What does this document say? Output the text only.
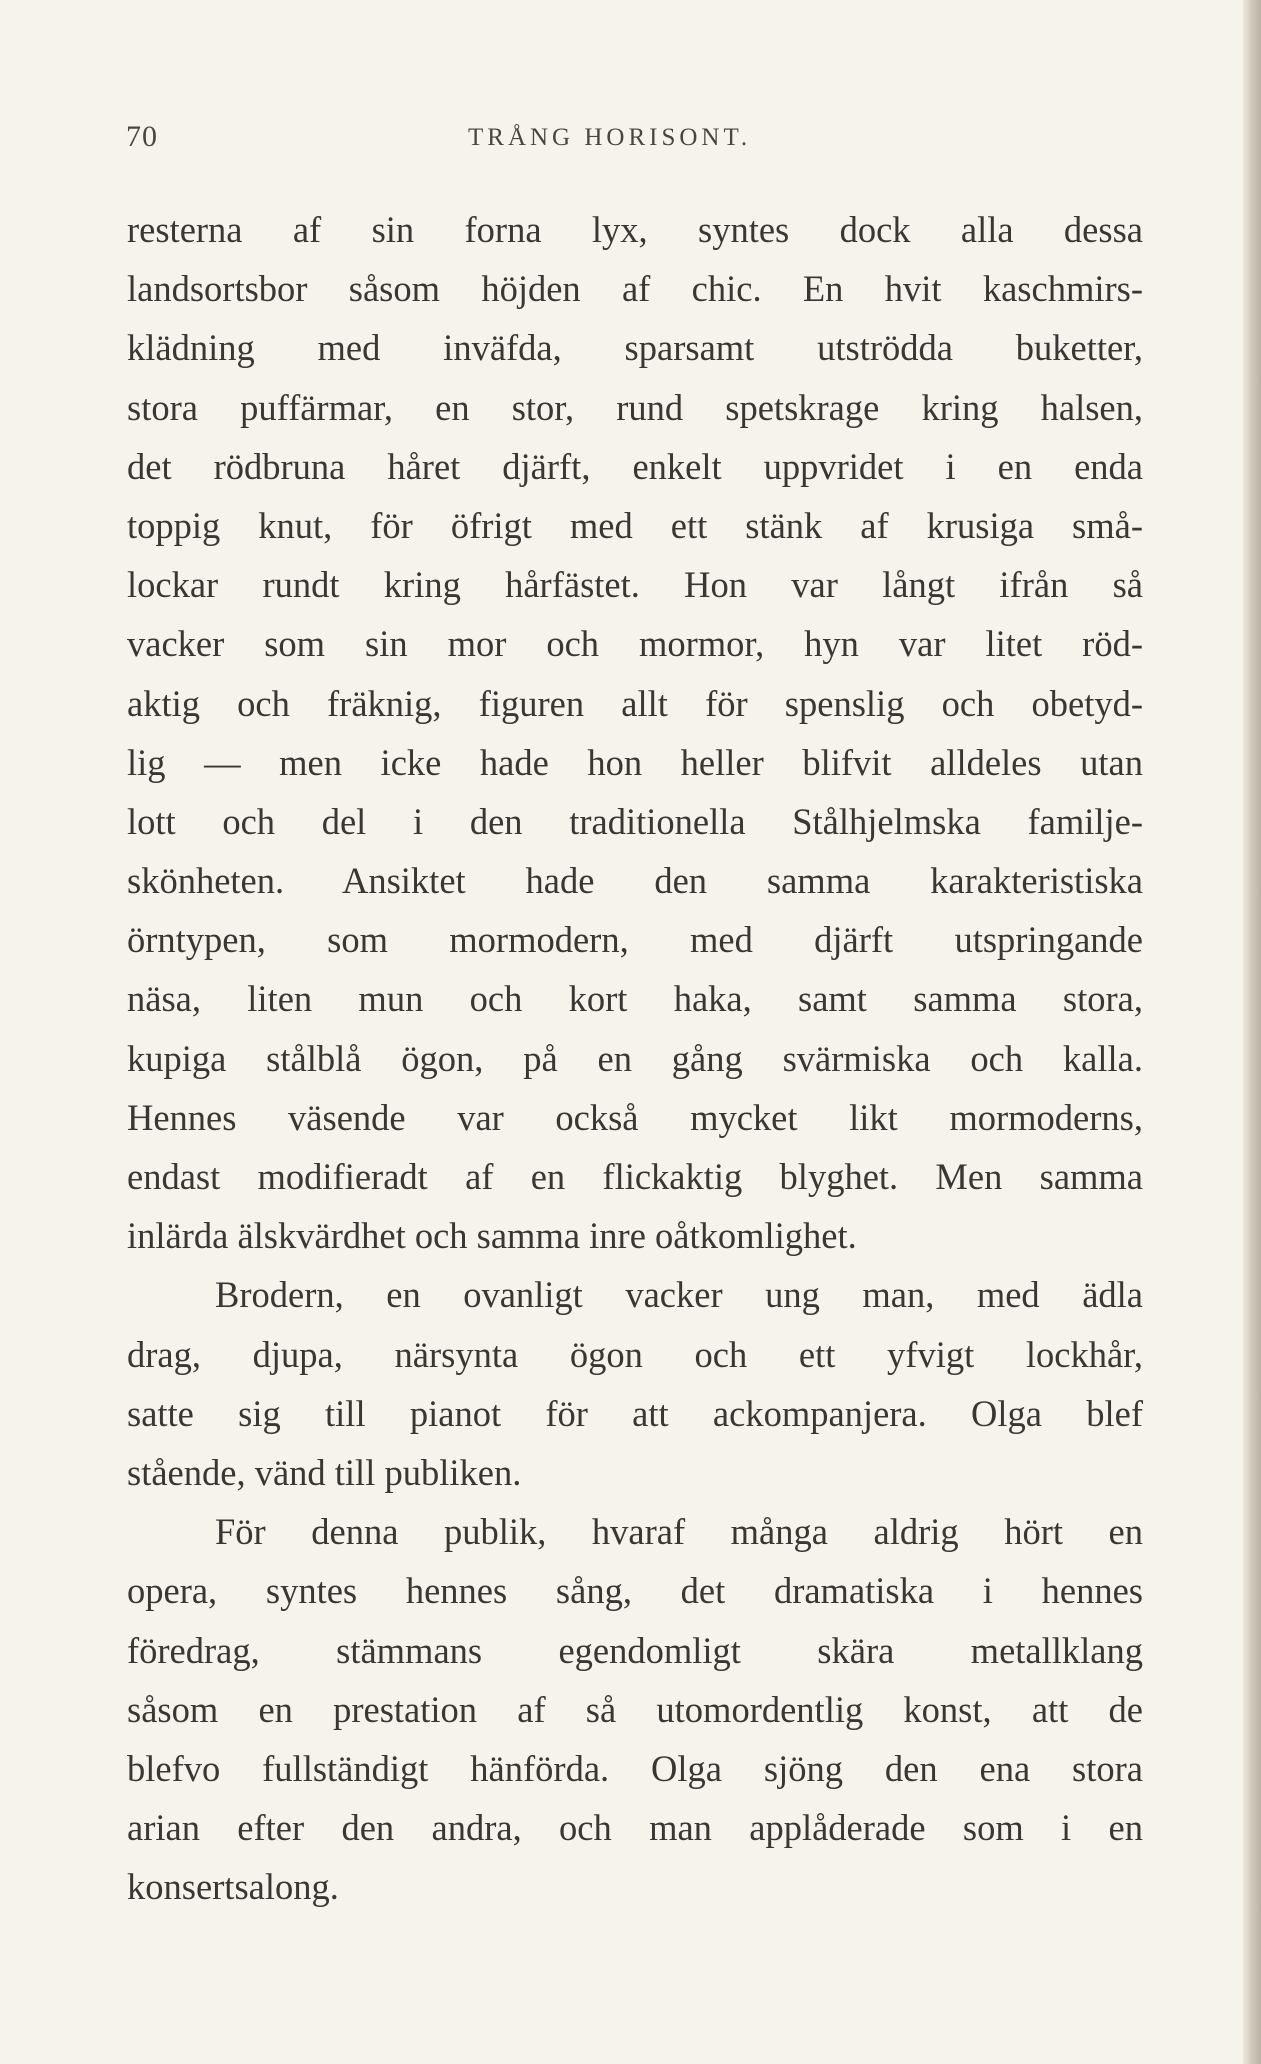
70	TRÅNG HORISONT.
resterna af sin forna lyx, syntes dock alla dessa
landsortsbor såsom höjden af chic. En hvit kaschmirs-
klädning med inväfda, sparsamt utströdda buketter,
stora puffärmar, en stor, rund spetskrage kring halsen,
det rödbruna håret djärft, enkelt uppvridet i en enda
toppig knut, för öfrigt med ett stänk af krusiga små-
lockar rundt kring hårfästet. Hon var långt ifrån så
vacker som sin mor och mormor, hyn var litet röd-
aktig och fräknig, figuren allt för spenslig och obetyd-
lig — men icke hade hon heller blifvit alldeles utan
lott och del i den traditionella Stålhjelmska familje-
skönheten. Ansiktet hade den samma karakteristiska
örntypen, som mormodern, med djärft utspringande
näsa, liten mun och kort haka, samt samma stora,
kupiga stålblå ögon, på en gång svärmiska och kalla.
Hennes väsende var också mycket likt mormoderns,
endast modifieradt af en flickaktig blyghet. Men samma
inlärda älskvärdhet och samma inre oåtkomlighet.
Brodern, en ovanligt vacker ung man, med ädla
drag, djupa, närsynta ögon och ett yfvigt lockhår,
satte sig till pianot för att ackompanjera. Olga blef
stående, vänd till publiken.
För denna publik, hvaraf många aldrig hört en
opera, syntes hennes sång, det dramatiska i hennes
föredrag, stämmans egendomligt skära metallklang
såsom en prestation af så utomordentlig konst, att de
blefvo fullständigt hänförda. Olga sjöng den ena stora
arian efter den andra, och man applåderade som i en
konsertsalong.
